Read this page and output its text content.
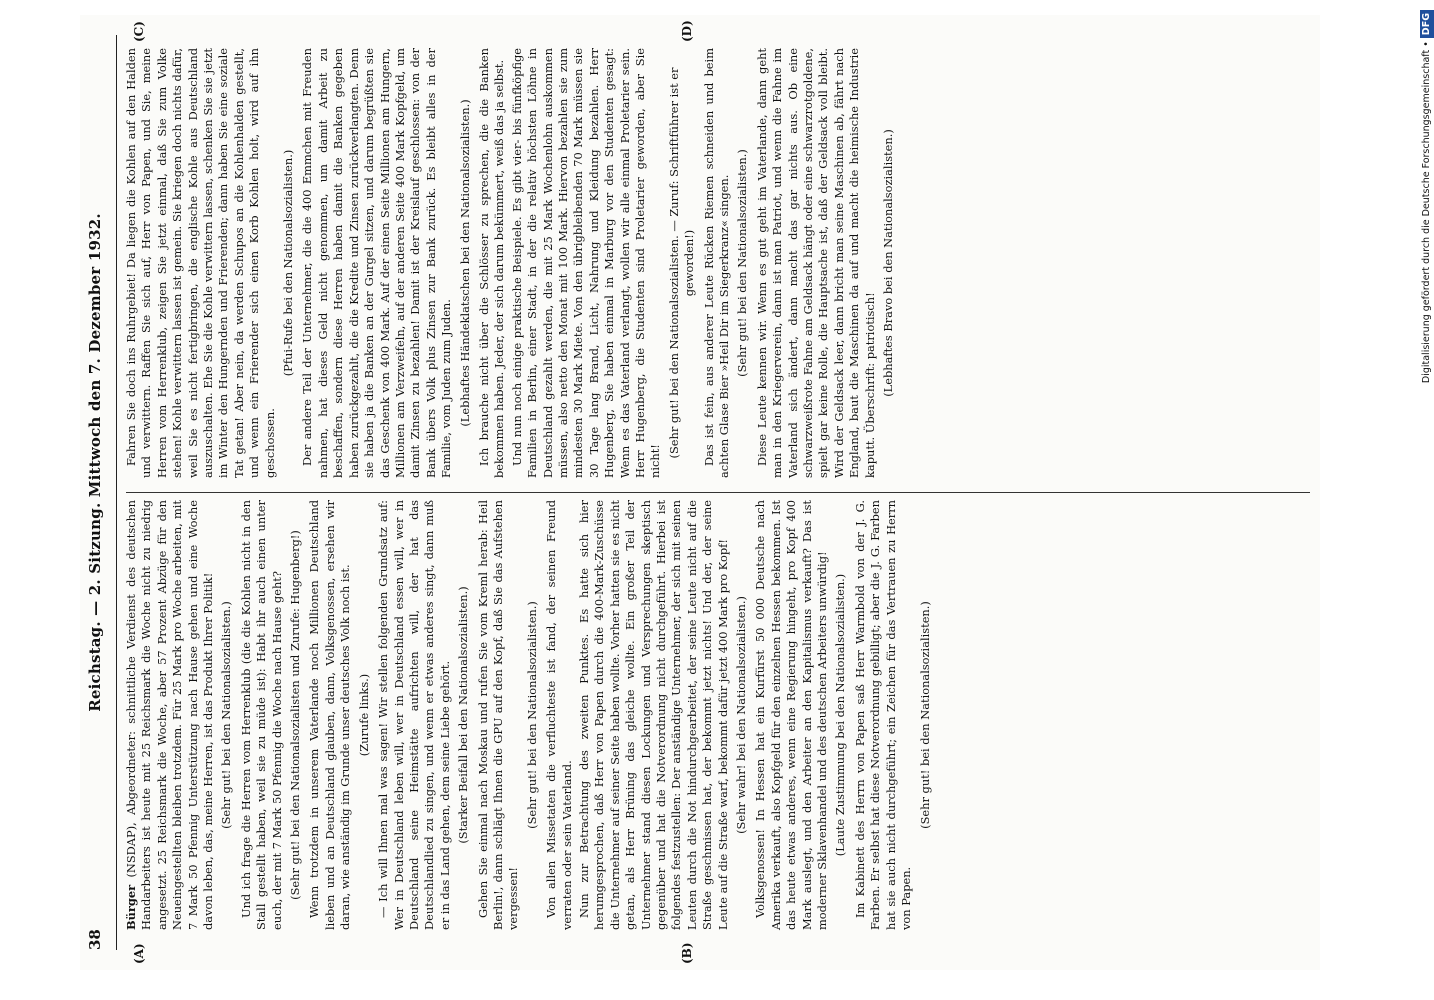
38
Reichstag. — 2. Sitzung. Mittwoch den 7. Dezember 1932.
(A)	(B)
(C)	(D)

Bürger (NSDAP), Abgeordneter: schnittliche Verdienst des deutschen Handarbeiters ist heute mit 25 Reichsmark die Woche nicht zu niedrig angesetzt. 25 Reichsmark die Woche, aber 57 Prozent Abzüge für den Neueingestellten bleiben trotzdem. Für 25 Mark pro Woche arbeiten, mit 7 Mark 50 Pfennig Unterstützung nach Hause gehen und eine Woche davon leben, das, meine Herren, ist das Produkt Ihrer Politik! (Sehr gut! bei den Nationalsozialisten.) Und ich frage die Herren vom Herrenklub (die die Kohlen nicht in den Stall gestellt haben, weil sie zu müde ist): Habt ihr auch einen unter euch, der mit 7 Mark 50 Pfennig die Woche nach Hause geht? (Sehr gut! bei den Nationalsozialisten und Zurufe: Hugenberg!) Wenn trotzdem in unserem Vaterlande noch Millionen Deutschland lieben und an Deutschland glauben, dann, Volksgenossen, ersehen wir daran, wie anständig im Grunde unser deutsches Volk noch ist. (Zurufe links.) — Ich will Ihnen mal was sagen! Wir stellen folgenden Grundsatz auf: Wer in Deutschland leben will, wer in Deutschland essen will, wer in Deutschland seine Heimstätte aufrichten will, der hat das Deutschlandlied zu singen, und wenn er etwas anderes singt, dann muß er in das Land gehen, dem seine Liebe gehört. (Starker Beifall bei den Nationalsozialisten.) Gehen Sie einmal nach Moskau und rufen Sie vom Kreml herab: Heil Berlin!, dann schlägt Ihnen die GPU auf den Kopf, daß Sie das Aufstehen vergessen!

(Sehr gut! bei den Nationalsozialisten.) Von allen Missetaten die verfluchteste ist fand, der seinen Freund verraten oder sein Vaterland. Nun zur Betrachtung des zweiten Punktes. Es hatte sich hier herumgesprochen, daß Herr von Papen durch die 400-Mark-Zuschüsse die Unternehmer auf seiner Seite haben wollte. Vorher hatten sie es nicht getan, als Herr Brüning das gleiche wollte. Ein großer Teil der Unternehmer stand diesen Lockungen und Versprechungen skeptisch gegenüber und hat die Notverordnung nicht durchgeführt. Hierbei ist folgendes festzustellen: Der anständige Unternehmer, der sich mit seinen Leuten durch die Not hindurchgearbeitet, der seine Leute nicht auf die Straße geschmissen hat, der bekommt jetzt nichts! Und der, der seine Leute auf die Straße warf, bekommt dafür jetzt 400 Mark pro Kopf! (Sehr wahr! bei den Nationalsozialisten.) Volksgenossen! In Hessen hat ein Kurfürst 50 000 Deutsche nach Amerika verkauft, also Kopfgeld für den einzelnen Hessen bekommen. Ist das heute etwas anderes, wenn eine Regierung hingeht, pro Kopf 400 Mark auslegt, und den Arbeiter an den Kapitalismus verkauft? Das ist moderner Sklavenhandel und des deutschen Arbeiters unwürdig! (Laute Zustimmung bei den Nationalsozialisten.) Im Kabinett des Herrn von Papen saß Herr Warmbold von der J. G. Farben. Er selbst hat diese Notverordnung gebilligt; aber die J. G. Farben hat sie auch nicht durchgeführt; ein Zeichen für das Vertrauen zu Herrn von Papen.

(Sehr gut! bei den Nationalsozialisten.)

Fahren Sie doch ins Ruhrgebiet! Da liegen die Kohlen auf den Halden und verwittern. Raffen Sie sich auf, Herr von Papen, und Sie, meine Herren vom Herrenklub, zeigen Sie jetzt einmal, daß Sie zum Volke stehen! Kohle verwittern lassen ist gemein. Sie kriegen doch nichts dafür, weil Sie es nicht fertigbringen, die englische Kohle aus Deutschland auszuschalten. Ehe Sie die Kohle verwittern lassen, schenken Sie sie jetzt im Winter den Hungernden und Frierenden; dann haben Sie eine soziale Tat getan! Aber nein, da werden Schupos an die Kohlenhalden gestellt, und wenn ein Frierender sich einen Korb Kohlen holt, wird auf ihn geschossen.

(Pfui-Rufe bei den Nationalsozialisten.) Der andere Teil der Unternehmer, die die 400 Emmchen mit Freuden nahmen, hat dieses Geld nicht genommen, um damit Arbeit zu beschaffen, sondern diese Herren haben damit die Banken gegeben haben zurückgezahlt, die die Kredite und Zinsen zurückverlangten. Denn sie haben ja die Banken an der Gurgel sitzen, und darum begrüßten sie das Geschenk von 400 Mark. Auf der einen Seite Millionen am Hungern, Millionen am Verzweifeln, auf der anderen Seite 400 Mark Kopfgeld, um damit Zinsen zu bezahlen! Damit ist der Kreislauf geschlossen: von der Bank übers Volk plus Zinsen zur Bank zurück. Es bleibt alles in der Familie, vom Juden zum Juden. (Lebhaftes Händeklatschen bei den Nationalsozialisten.) Ich brauche nicht über die Schlösser zu sprechen, die die Banken bekommen haben. Jeder, der sich darum bekümmert, weiß das ja selbst. Und nun noch einige praktische Beispiele. Es gibt vier- bis fünfköpfige Familien in Berlin, einer Stadt, in der die relativ höchsten Löhne in Deutschland gezahlt werden, die mit 25 Mark Wochenlohn auskommen müssen, also netto den Monat mit 100 Mark. Hiervon bezahlen sie zum mindesten 30 Mark Miete. Von den übrigbleibenden 70 Mark müssen sie 30 Tage lang Brand, Licht, Nahrung und Kleidung bezahlen. Herr Hugenberg, Sie haben einmal in Marburg vor den Studenten gesagt: Wenn es das Vaterland verlangt, wollen wir alle einmal Proletarier sein. Herr Hugenberg, die Studenten sind Proletarier geworden, aber Sie nicht!

(Sehr gut! bei den Nationalsozialisten. — Zuruf: Schriftführer ist er geworden!) Das ist fein, aus anderer Leute Rücken Riemen schneiden und beim achten Glase Bier »Heil Dir im Siegerkranz« singen. (Sehr gut! bei den Nationalsozialisten.) Diese Leute kennen wir. Wenn es gut geht im Vaterlande, dann geht man in den Kriegerverein, dann ist man Patriot, und wenn die Fahne im Vaterland sich ändert, dann macht das gar nichts aus. Ob eine schwarzweißrote Fahne am Geldsack hängt oder eine schwarzrotgoldene, spielt gar keine Rolle, die Hauptsache ist, daß der Geldsack voll bleibt. Wird der Geldsack leer, dann bricht man seine Maschinen ab, fährt nach England, baut die Maschinen da auf und macht die heimische Industrie kaputt. Überschrift: patriotisch! (Lebhaftes Bravo bei den Nationalsozialisten.)	Digitalisierung gefördert durch die Deutsche Forschungsgemeinschaft •DFG
